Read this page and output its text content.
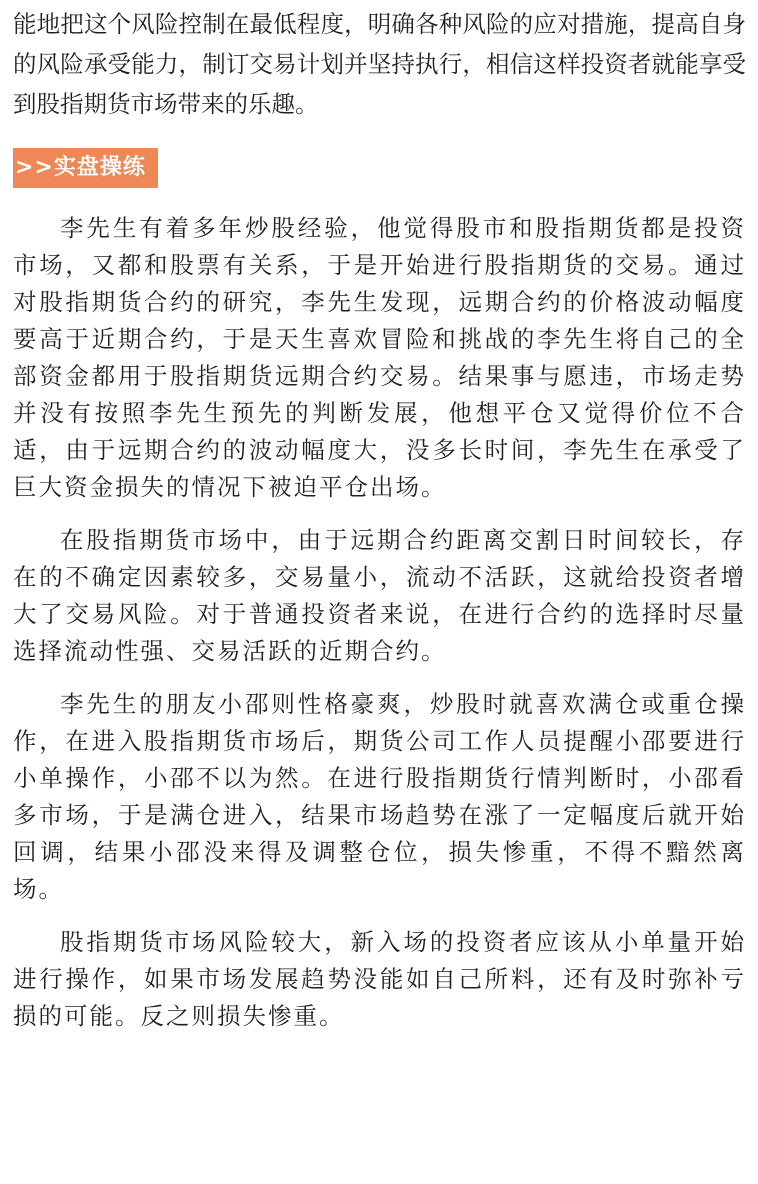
能地把这个风险控制在最低程度，明确各种风险的应对措施，提高自身的风险承受能力，制订交易计划并坚持执行，相信这样投资者就能享受到股指期货市场带来的乐趣。

>>实盘操练

李先生有着多年炒股经验，他觉得股市和股指期货都是投资市场，又都和股票有关系，于是开始进行股指期货的交易。通过对股指期货合约的研究，李先生发现，远期合约的价格波动幅度要高于近期合约，于是天生喜欢冒险和挑战的李先生将自己的全部资金都用于股指期货远期合约交易。结果事与愿违，市场走势并没有按照李先生预先的判断发展，他想平仓又觉得价位不合适，由于远期合约的波动幅度大，没多长时间，李先生在承受了巨大资金损失的情况下被迫平仓出场。

在股指期货市场中，由于远期合约距离交割日时间较长，存在的不确定因素较多，交易量小，流动不活跃，这就给投资者增大了交易风险。对于普通投资者来说，在进行合约的选择时尽量选择流动性强、交易活跃的近期合约。

李先生的朋友小邵则性格豪爽，炒股时就喜欢满仓或重仓操作，在进入股指期货市场后，期货公司工作人员提醒小邵要进行小单操作，小邵不以为然。在进行股指期货行情判断时，小邵看多市场，于是满仓进入，结果市场趋势在涨了一定幅度后就开始回调，结果小邵没来得及调整仓位，损失惨重，不得不黯然离场。

股指期货市场风险较大，新入场的投资者应该从小单量开始进行操作，如果市场发展趋势没能如自己所料，还有及时弥补亏损的可能。反之则损失惨重。
